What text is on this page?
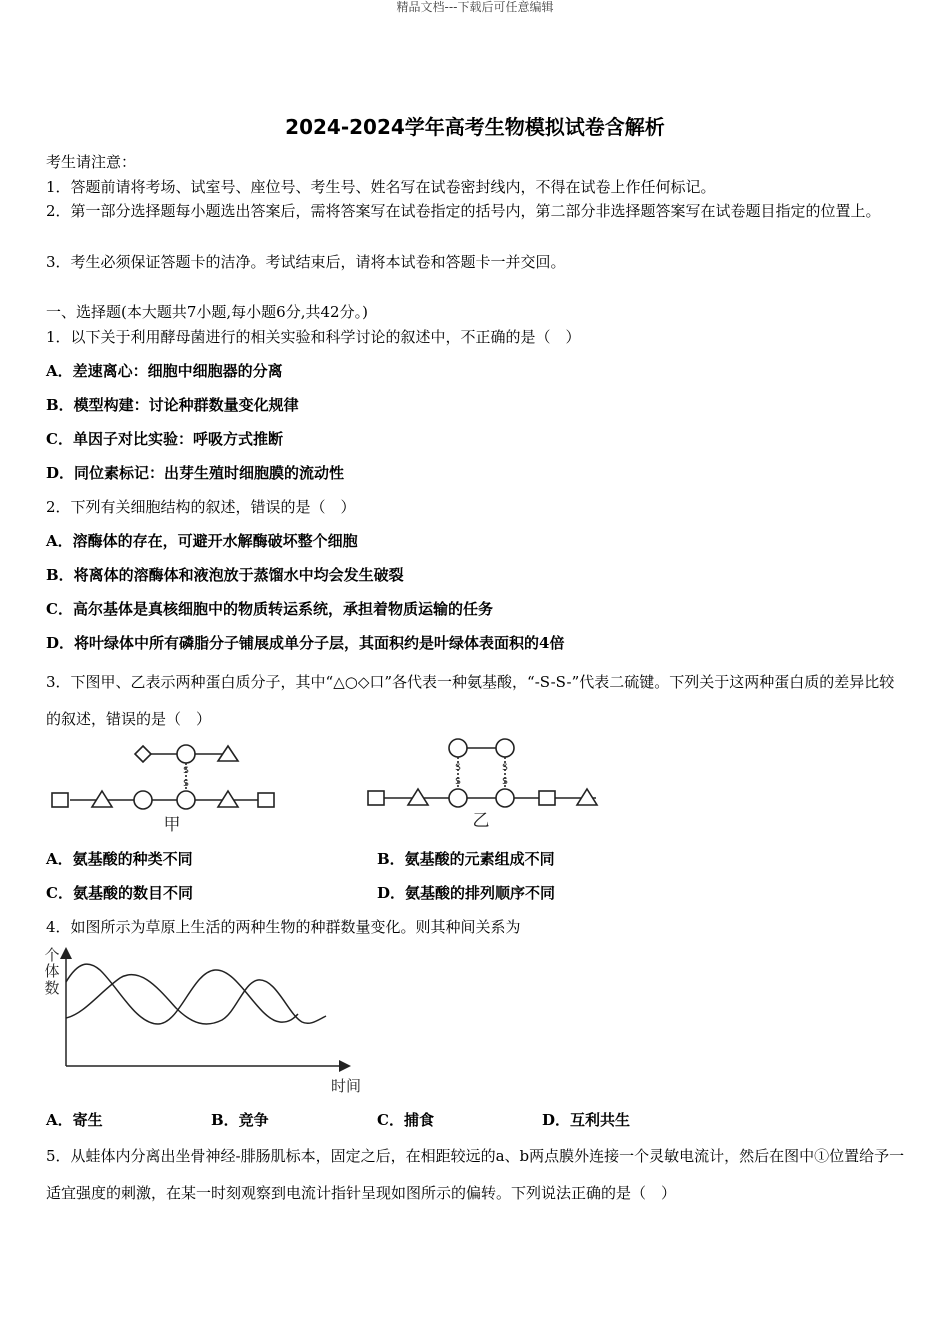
精品文档---下载后可任意编辑
2024-2024学年高考生物模拟试卷含解析
考生请注意：
1．答题前请将考场、试室号、座位号、考生号、姓名写在试卷密封线内，不得在试卷上作任何标记。
2．第一部分选择题每小题选出答案后，需将答案写在试卷指定的括号内，第二部分非选择题答案写在试卷题目指定的位置上。
3．考生必须保证答题卡的洁净。考试结束后，请将本试卷和答题卡一并交回。
一、选择题(本大题共7小题,每小题6分,共42分。)
1．以下关于利用酵母菌进行的相关实验和科学讨论的叙述中，不正确的是（　）
A．差速离心：细胞中细胞器的分离
B．模型构建：讨论种群数量变化规律
C．单因子对比实验：呼吸方式推断
D．同位素标记：出芽生殖时细胞膜的流动性
2．下列有关细胞结构的叙述，错误的是（　）
A．溶酶体的存在，可避开水解酶破坏整个细胞
B．将离体的溶酶体和液泡放于蒸馏水中均会发生破裂
C．高尔基体是真核细胞中的物质转运系统，承担着物质运输的任务
D．将叶绿体中所有磷脂分子铺展成单分子层，其面积约是叶绿体表面积的4倍
3．下图甲、乙表示两种蛋白质分子，其中“△○◇口”各代表一种氨基酸，“-S-S-”代表二硫键。下列关于这两种蛋白质的差异比较的叙述，错误的是（　）
S
S
S
S
S
S
甲	乙
A．氨基酸的种类不同	B．氨基酸的元素组成不同
C．氨基酸的数目不同	D．氨基酸的排列顺序不同
4．如图所示为草原上生活的两种生物的种群数量变化。则其种间关系为
个
体
数
时间
A．寄生	B．竞争	C．捕食	D．互利共生
5．从蛙体内分离出坐骨神经-腓肠肌标本，固定之后，在相距较远的a、b两点膜外连接一个灵敏电流计，然后在图中①位置给予一适宜强度的刺激，在某一时刻观察到电流计指针呈现如图所示的偏转。下列说法正确的是（　）
